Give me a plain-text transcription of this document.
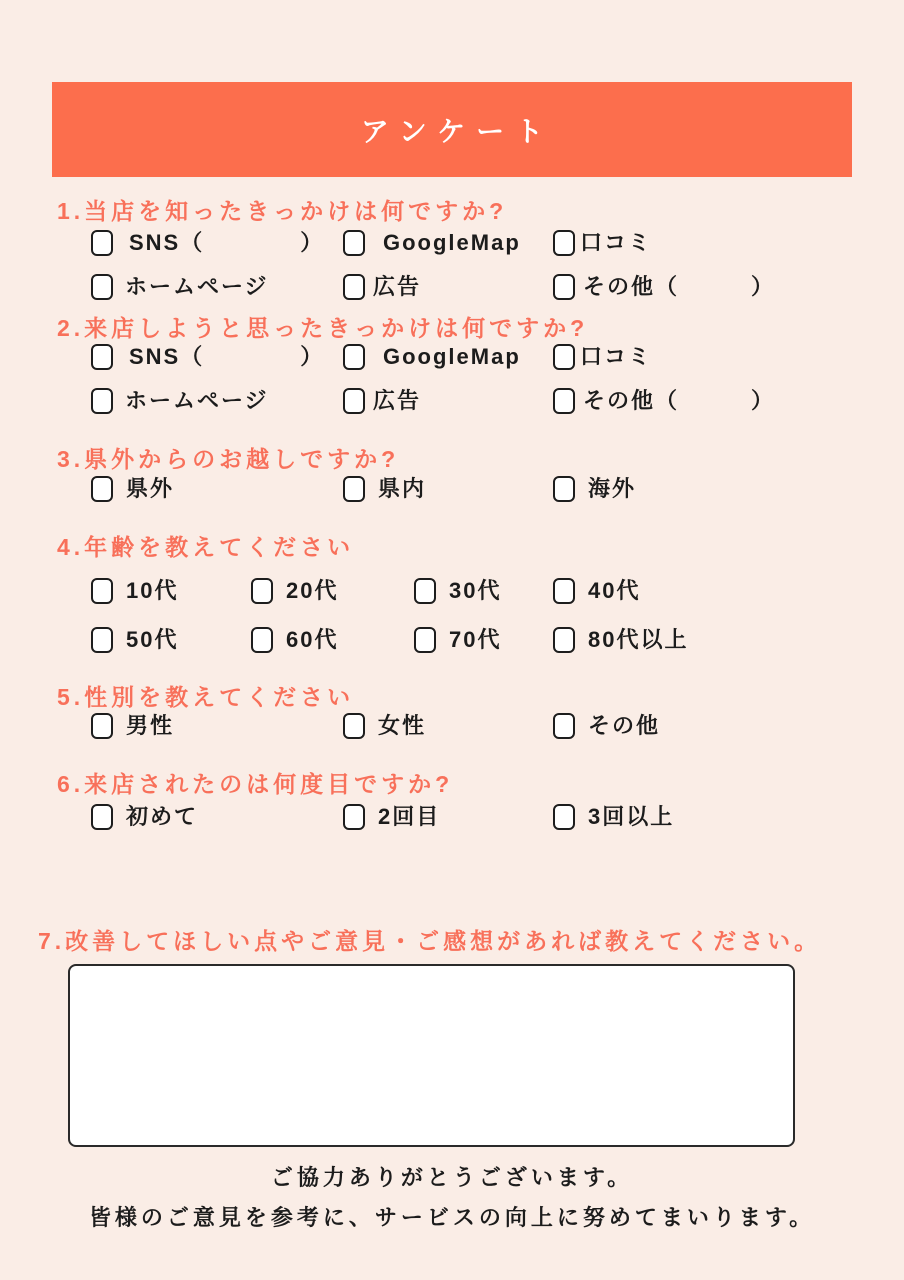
アンケート
1.当店を知ったきっかけは何ですか?
SNS（　　　　）	GoogleMap	口コミ
ホームページ	広告	その他（　　　）
2.来店しようと思ったきっかけは何ですか?
SNS（　　　　）	GoogleMap	口コミ
ホームページ	広告	その他（　　　）
3.県外からのお越しですか?
県外	県内	海外
4.年齢を教えてください
10代	20代	30代	40代
50代	60代	70代	80代以上
5.性別を教えてください
男性	女性	その他
6.来店されたのは何度目ですか?
初めて	2回目	3回以上
7.改善してほしい点やご意見・ご感想があれば教えてください。
ご協力ありがとうございます。
皆様のご意見を参考に、サービスの向上に努めてまいります。
